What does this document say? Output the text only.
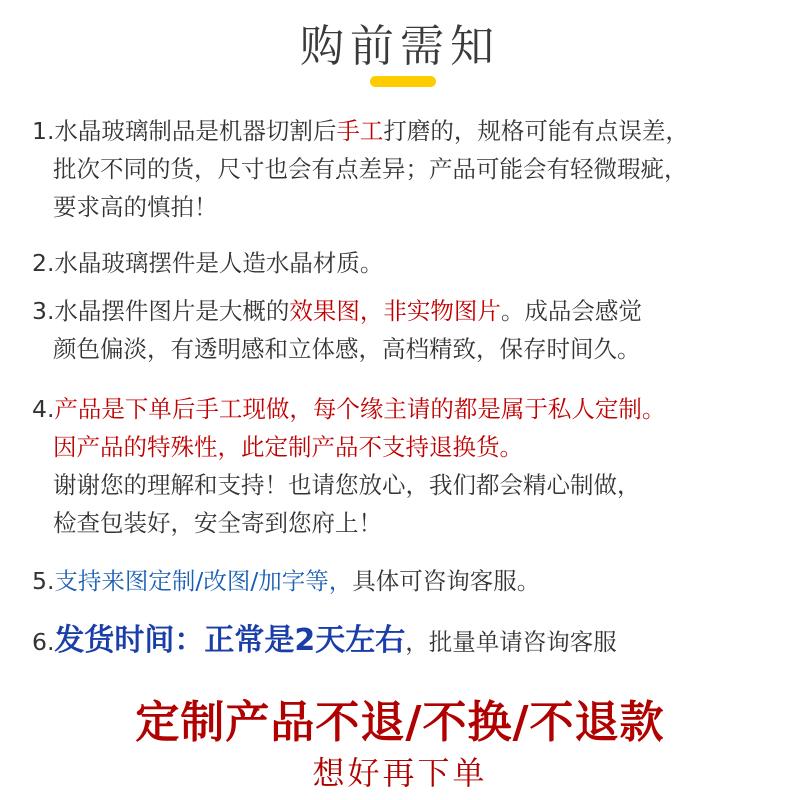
购前需知
1.水晶玻璃制品是机器切割后手工打磨的，规格可能有点误差，
批次不同的货，尺寸也会有点差异；产品可能会有轻微瑕疵，
要求高的慎拍！
2.水晶玻璃摆件是人造水晶材质。
3.水晶摆件图片是大概的效果图，非实物图片。成品会感觉
颜色偏淡，有透明感和立体感，高档精致，保存时间久。
4.产品是下单后手工现做，每个缘主请的都是属于私人定制。
因产品的特殊性，此定制产品不支持退换货。
谢谢您的理解和支持！也请您放心，我们都会精心制做，
检查包装好，安全寄到您府上！
5.支持来图定制/改图/加字等，具体可咨询客服。
6.发货时间：正常是2天左右，批量单请咨询客服
定制产品不退/不换/不退款
想好再下单
